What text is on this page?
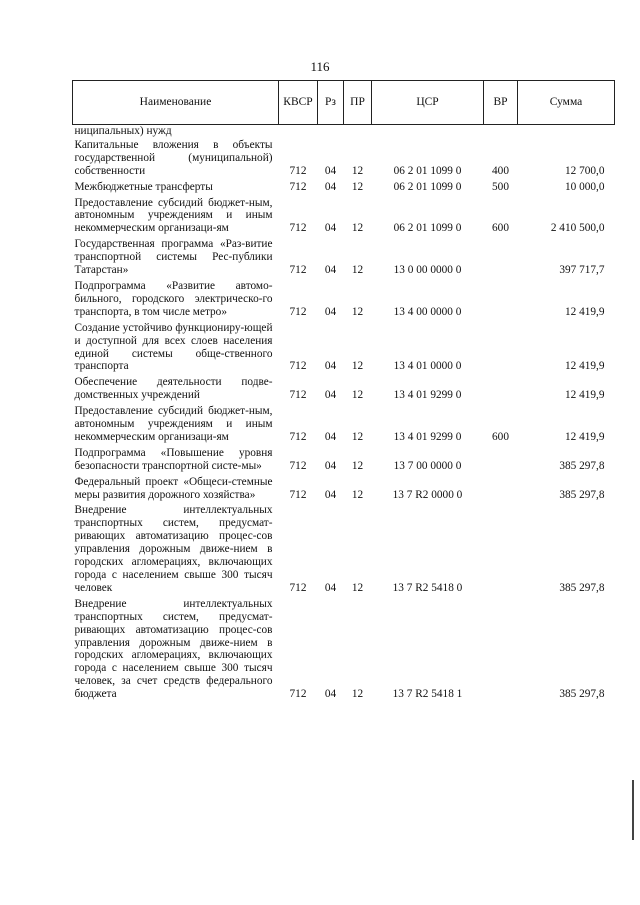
116
Наименование	КВСР	Рз	ПР	ЦСР	ВР	Сумма
ниципальных) нужд						
Капитальные вложения в объекты государственной (муниципальной) собственности	712	04	12	06 2 01 1099 0	400	12 700,0
Межбюджетные трансферты	712	04	12	06 2 01 1099 0	500	10 000,0
Предоставление субсидий бюджет-ным, автономным учреждениям и иным некоммерческим организаци-ям	712	04	12	06 2 01 1099 0	600	2 410 500,0
Государственная программа «Раз-витие транспортной системы Рес-публики Татарстан»	712	04	12	13 0 00 0000 0		397 717,7
Подпрограмма «Развитие автомо-бильного, городского электрическо-го транспорта, в том числе метро»	712	04	12	13 4 00 0000 0		12 419,9
Создание устойчиво функциониру-ющей и доступной для всех слоев населения единой системы обще-ственного транспорта	712	04	12	13 4 01 0000 0		12 419,9
Обеспечение деятельности подве-домственных учреждений	712	04	12	13 4 01 9299 0		12 419,9
Предоставление субсидий бюджет-ным, автономным учреждениям и иным некоммерческим организаци-ям	712	04	12	13 4 01 9299 0	600	12 419,9
Подпрограмма «Повышение уровня безопасности транспортной систе-мы»	712	04	12	13 7 00 0000 0		385 297,8
Федеральный проект «Общеси-стемные меры развития дорожного хозяйства»	712	04	12	13 7 R2 0000 0		385 297,8
Внедрение интеллектуальных транспортных систем, предусмат-ривающих автоматизацию процес-сов управления дорожным движе-нием в городских агломерациях, включающих города с населением свыше 300 тысяч человек	712	04	12	13 7 R2 5418 0		385 297,8
Внедрение интеллектуальных транспортных систем, предусмат-ривающих автоматизацию процес-сов управления дорожным движе-нием в городских агломерациях, включающих города с населением свыше 300 тысяч человек, за счет средств федерального бюджета	712	04	12	13 7 R2 5418 1		385 297,8
